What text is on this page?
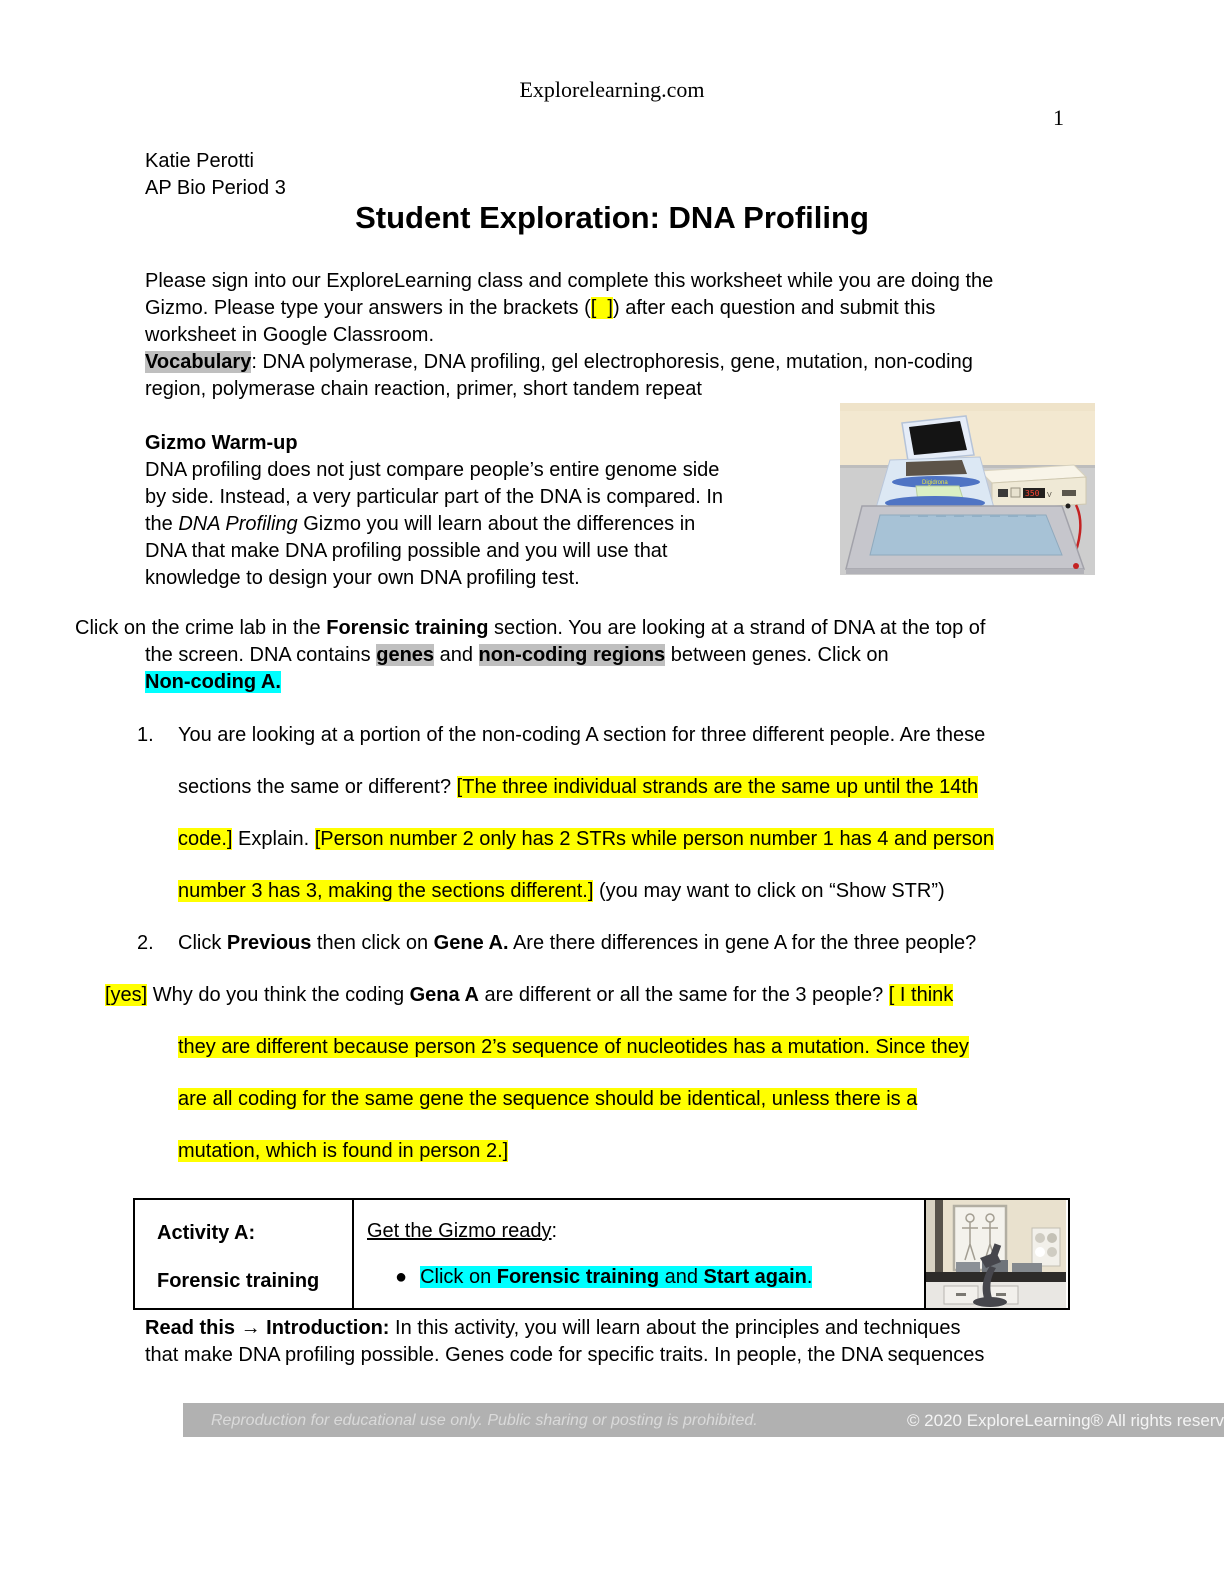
Explorelearning.com
1
Katie Perotti
AP Bio Period 3
Student Exploration: DNA Profiling
Please sign into our ExploreLearning class and complete this worksheet while you are doing the
Gizmo. Please type your answers in the brackets ([  ]) after each question and submit this
worksheet in Google Classroom.
Vocabulary: DNA polymerase, DNA profiling, gel electrophoresis, gene, mutation, non-coding
region, polymerase chain reaction, primer, short tandem repeat
Gizmo Warm-up
DNA profiling does not just compare people’s entire genome side
by side. Instead, a very particular part of the DNA is compared. In
the DNA Profiling Gizmo you will learn about the differences in
DNA that make DNA profiling possible and you will use that
knowledge to design your own DNA profiling test.
350 V
Digidrona
Click on the crime lab in the Forensic training section. You are looking at a strand of DNA at the top of
the screen. DNA contains genes and non-coding regions between genes. Click on
Non-coding A.
1. You are looking at a portion of the non-coding A section for three different people. Are these
sections the same or different? [The three individual strands are the same up until the 14th
code.] Explain. [Person number 2 only has 2 STRs while person number 1 has 4 and person
number 3 has 3, making the sections different.] (you may want to click on “Show STR”)
2. Click Previous then click on Gene A. Are there differences in gene A for the three people?
[yes] Why do you think the coding Gena A are different or all the same for the 3 people? [ I think
they are different because person 2’s sequence of nucleotides has a mutation. Since they
are all coding for the same gene the sequence should be identical, unless there is a
mutation, which is found in person 2.]
Activity A:
Forensic training
Get the Gizmo ready:
● Click on Forensic training and Start again.
Read this → Introduction: In this activity, you will learn about the principles and techniques
that make DNA profiling possible. Genes code for specific traits. In people, the DNA sequences
Reproduction for educational use only. Public sharing or posting is prohibited.	© 2020 ExploreLearning® All rights reserv
